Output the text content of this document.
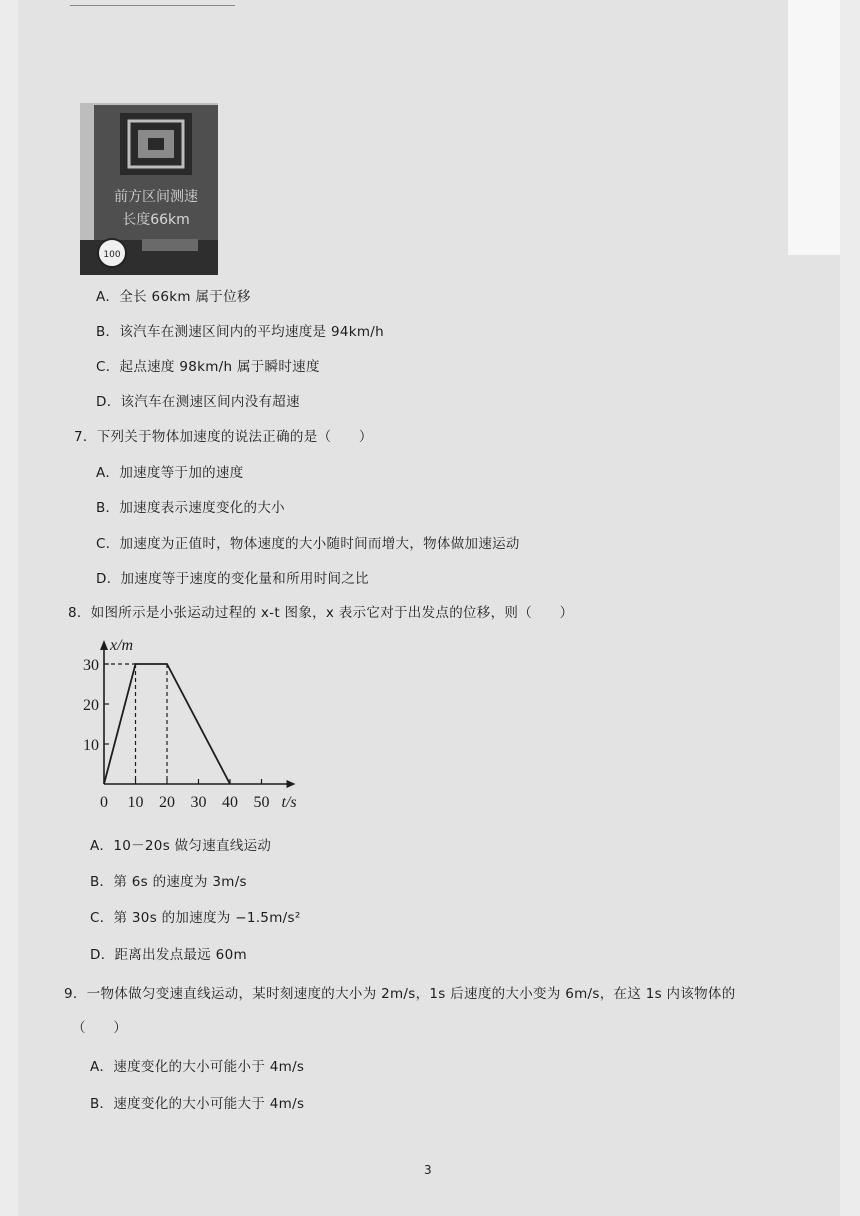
前方区间测速
长度66km
100
A．全长 66km 属于位移
B．该汽车在测速区间内的平均速度是 94km/h
C．起点速度 98km/h 属于瞬时速度
D．该汽车在测速区间内没有超速
7．下列关于物体加速度的说法正确的是（　　）
A．加速度等于加的速度
B．加速度表示速度变化的大小
C．加速度为正值时，物体速度的大小随时间而增大，物体做加速运动
D．加速度等于速度的变化量和所用时间之比
8．如图所示是小张运动过程的 x-t 图象，x 表示它对于出发点的位移，则（　　）
x/m
t/s
0 10 20 30 40 50
10
20
30
A．10－20s 做匀速直线运动
B．第 6s 的速度为 3m/s
C．第 30s 的加速度为 −1.5m/s²
D．距离出发点最远 60m
9．一物体做匀变速直线运动，某时刻速度的大小为 2m/s，1s 后速度的大小变为 6m/s，在这 1s 内该物体的
（　　）
A．速度变化的大小可能小于 4m/s
B．速度变化的大小可能大于 4m/s
3
